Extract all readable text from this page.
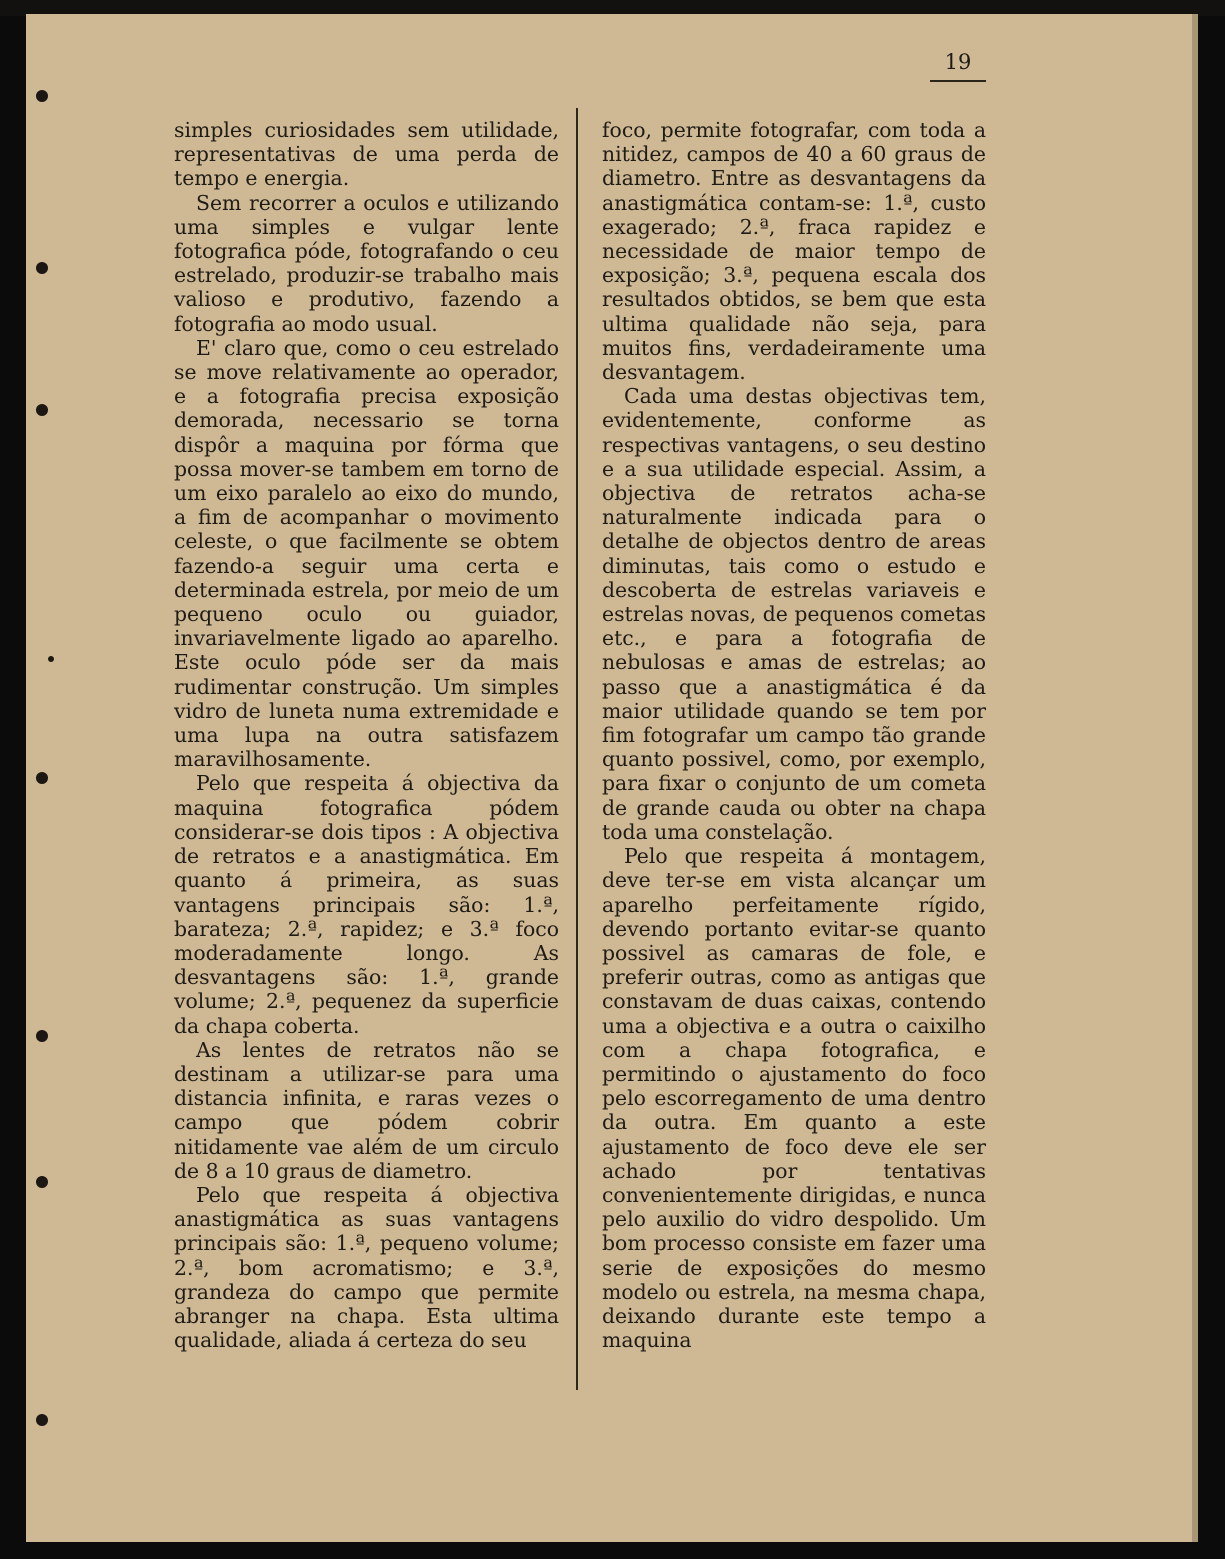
19

simples curiosidades sem utilidade, representativas de uma perda de tempo e energia.

Sem recorrer a oculos e utilizando uma simples e vulgar lente fotografica póde, fotografando o ceu estrelado, produzir-se trabalho mais valioso e produtivo, fazendo a fotografia ao modo usual.

E' claro que, como o ceu estrelado se move relativamente ao operador, e a fotografia precisa exposição demorada, necessario se torna dispôr a maquina por fórma que possa mover-se tambem em torno de um eixo paralelo ao eixo do mundo, a fim de acompanhar o movimento celeste, o que facilmente se obtem fazendo-a seguir uma certa e determinada estrela, por meio de um pequeno oculo ou guiador, invariavelmente ligado ao aparelho. Este oculo póde ser da mais rudimentar construção. Um simples vidro de luneta numa extremidade e uma lupa na outra satisfazem maravilhosamente.

Pelo que respeita á objectiva da maquina fotografica pódem considerar-se dois tipos : A objectiva de retratos e a anastigmática. Em quanto á primeira, as suas vantagens principais são: 1.ª, barateza; 2.ª, rapidez; e 3.ª foco moderadamente longo. As desvantagens são: 1.ª, grande volume; 2.ª, pequenez da superficie da chapa coberta.

As lentes de retratos não se destinam a utilizar-se para uma distancia infinita, e raras vezes o campo que pódem cobrir nitidamente vae além de um circulo de 8 a 10 graus de diametro.

Pelo que respeita á objectiva anastigmática as suas vantagens principais são: 1.ª, pequeno volume; 2.ª, bom acromatismo; e 3.ª, grandeza do campo que permite abranger na chapa. Esta ultima qualidade, aliada á certeza do seu

foco, permite fotografar, com toda a nitidez, campos de 40 a 60 graus de diametro. Entre as desvantagens da anastigmática contam-se: 1.ª, custo exagerado; 2.ª, fraca rapidez e necessidade de maior tempo de exposição; 3.ª, pequena escala dos resultados obtidos, se bem que esta ultima qualidade não seja, para muitos fins, verdadeiramente uma desvantagem.

Cada uma destas objectivas tem, evidentemente, conforme as respectivas vantagens, o seu destino e a sua utilidade especial. Assim, a objectiva de retratos acha-se naturalmente indicada para o detalhe de objectos dentro de areas diminutas, tais como o estudo e descoberta de estrelas variaveis e estrelas novas, de pequenos cometas etc., e para a fotografia de nebulosas e amas de estrelas; ao passo que a anastigmática é da maior utilidade quando se tem por fim fotografar um campo tão grande quanto possivel, como, por exemplo, para fixar o conjunto de um cometa de grande cauda ou obter na chapa toda uma constelação.

Pelo que respeita á montagem, deve ter-se em vista alcançar um aparelho perfeitamente rígido, devendo portanto evitar-se quanto possivel as camaras de fole, e preferir outras, como as antigas que constavam de duas caixas, contendo uma a objectiva e a outra o caixilho com a chapa fotografica, e permitindo o ajustamento do foco pelo escorregamento de uma dentro da outra. Em quanto a este ajustamento de foco deve ele ser achado por tentativas convenientemente dirigidas, e nunca pelo auxilio do vidro despolido. Um bom processo consiste em fazer uma serie de exposições do mesmo modelo ou estrela, na mesma chapa, deixando durante este tempo a maquina
